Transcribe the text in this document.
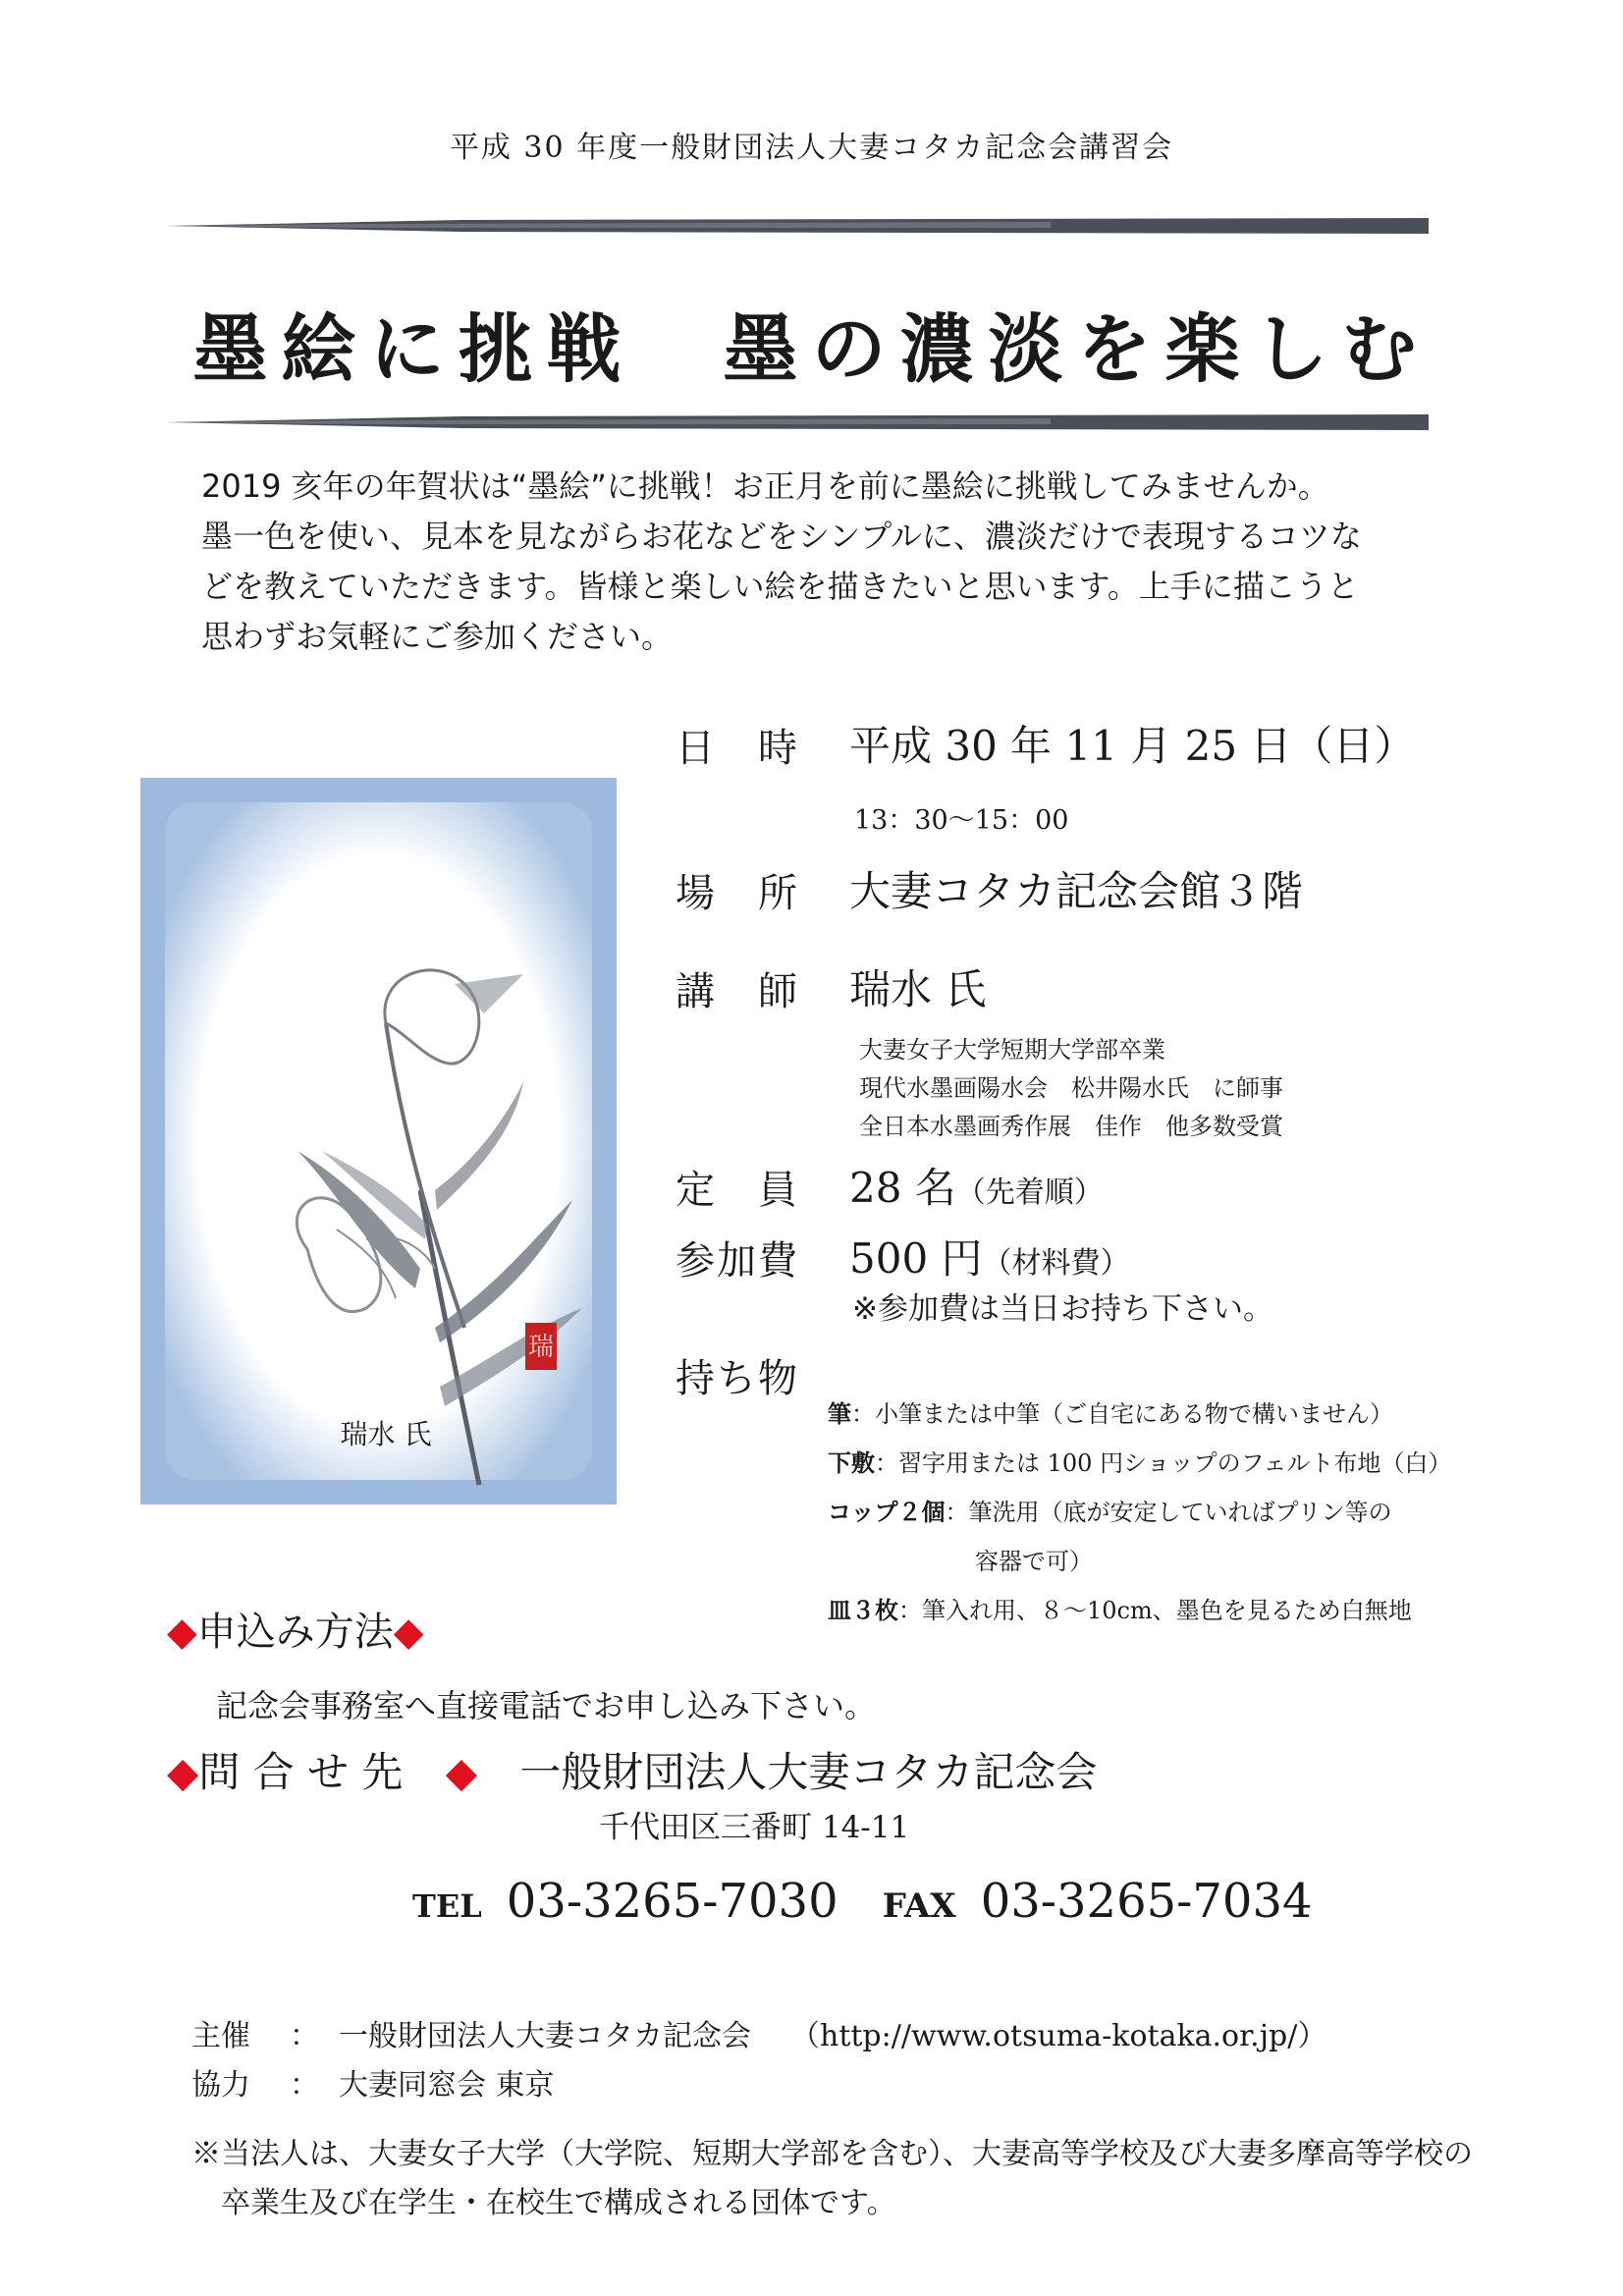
平成 30 年度一般財団法人大妻コタカ記念会講習会
墨絵に挑戦　墨の濃淡を楽しむ
2019 亥年の年賀状は“墨絵”に挑戦！お正月を前に墨絵に挑戦してみませんか。
墨一色を使い、見本を見ながらお花などをシンプルに、濃淡だけで表現するコツな
どを教えていただきます。皆様と楽しい絵を描きたいと思います。上手に描こうと
思わずお気軽にご参加ください。
瑞
瑞水 氏
日　時 平成 30 年 11 月 25 日（日）
13：30〜15：00
場　所 大妻コタカ記念会館３階
講　師 瑞水 氏
大妻女子大学短期大学部卒業
現代水墨画陽水会　松井陽水氏　に師事
全日本水墨画秀作展　佳作　他多数受賞
定　員 28 名（先着順）
参加費 500 円（材料費）
※参加費は当日お持ち下さい。
持ち物
筆：小筆または中筆（ご自宅にある物で構いません）
下敷：習字用または 100 円ショップのフェルト布地（白）
コップ２個：筆洗用（底が安定していればプリン等の
容器で可）
皿３枚：筆入れ用、８〜10cm、墨色を見るため白無地
◆申込み方法◆
記念会事務室へ直接電話でお申し込み下さい。
◆問 合 せ 先 ◆ 一般財団法人大妻コタカ記念会
千代田区三番町 14-11
TEL 03-3265-7030 FAX 03-3265-7034
主催 ： 一般財団法人大妻コタカ記念会 （http://www.otsuma-kotaka.or.jp/）
協力 ： 大妻同窓会 東京
※当法人は、大妻女子大学（大学院、短期大学部を含む）、大妻高等学校及び大妻多摩高等学校の
卒業生及び在学生・在校生で構成される団体です。
